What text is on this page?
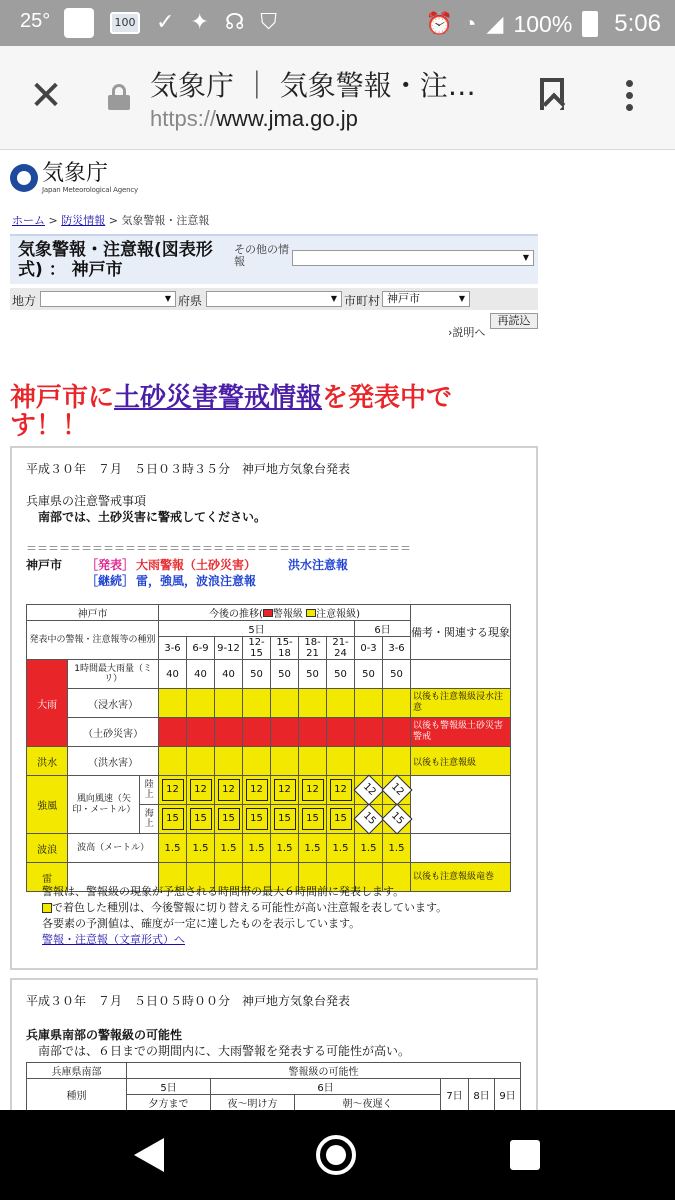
25°	100 ✓ ✦ ☊ ⛉	⏰ ◔ ◢ 100% 5:06
✕	気象庁 ｜ 気象警報・注…
https://www.jma.go.jp
気象庁
Japan Meteorological Agency
ホーム > 防災情報 > 気象警報・注意報
気象警報・注意報(図表形式) ： 神戸市
その他の情報	▼
地方	▼ 府県	▼ 市町村 神戸市	▼
再読込
›説明へ
神戸市に土砂災害警戒情報を発表中です！！
平成３０年　７月　５日０３時３５分　神戸地方気象台発表
兵庫県の注意警戒事項
　南部では、土砂災害に警戒してください。
＝＝＝＝＝＝＝＝＝＝＝＝＝＝＝＝＝＝＝＝＝＝＝＝＝＝＝＝＝＝＝＝＝＝＝
神戸市 ［発表］ 大雨警報（土砂災害）	洪水注意報
［継続］ 雷，強風，波浪注意報
神戸市			今後の推移( 警報級 注意報級)									備考・関連する現象
発表中の警報・注意報等の種別			5日							6日		
			3-6	6-9	9-12	12-15	15-18	18-21	21-24	0-3	3-6	
大雨	1時間最大雨量（ミリ）		40	40	40	50	50	50	50	50	50	
	（浸水害）											以後も注意報級浸水注意
	（土砂災害）											以後も警報級土砂災害警戒
洪水	（洪水害）											以後も注意報級
強風	風向風速（矢印・メートル）	陸上	12	12	12	12	12	12	12	12	12	
		海上	15	15	15	15	15	15	15	15	15	
波浪	波高（メートル）		1.5	1.5	1.5	1.5	1.5	1.5	1.5	1.5	1.5	
雷												以後も注意報級竜巻
警報は、警報級の現象が予想される時間帯の最大６時間前に発表します。
で着色した種別は、今後警報に切り替える可能性が高い注意報を表しています。
各要素の予測値は、確度が一定に達したものを表示しています。
警報・注意報（文章形式）へ
平成３０年　７月　５日０５時００分　神戸地方気象台発表
兵庫県南部の警報級の可能性
　南部では、６日までの期間内に、大雨警報を発表する可能性が高い。
兵庫県南部	警報級の可能性					
種別	5日	6日		7日	8日	9日
	夕方まで	夜～明け方	朝～夜遅く			
